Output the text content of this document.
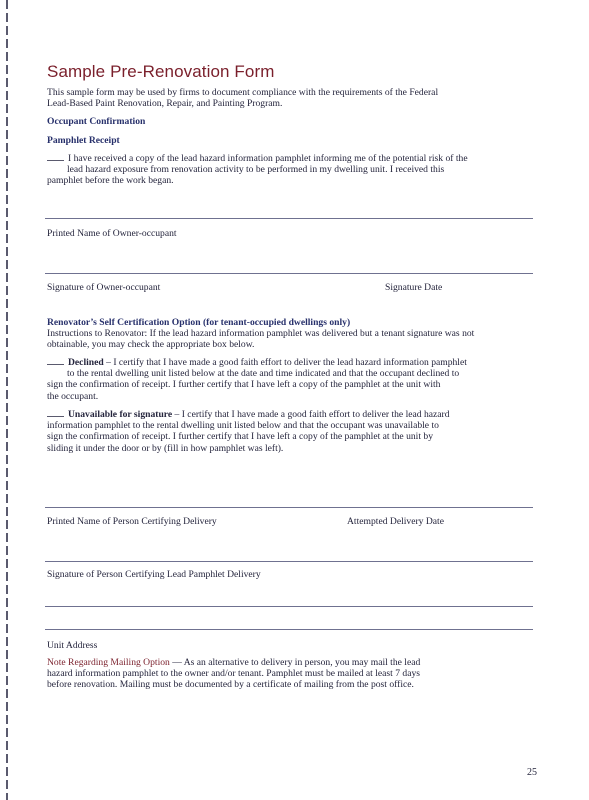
Sample Pre-Renovation Form
This sample form may be used by firms to document compliance with the requirements of the Federal
Lead-Based Paint Renovation, Repair, and Painting Program.
Occupant Confirmation
Pamphlet Receipt
I have received a copy of the lead hazard information pamphlet informing me of the potential risk of the
lead hazard exposure from renovation activity to be performed in my dwelling unit. I received this
pamphlet before the work began.
Printed Name of Owner-occupant
Signature of Owner-occupant	Signature Date
Renovator’s Self Certification Option (for tenant-occupied dwellings only)
Instructions to Renovator: If the lead hazard information pamphlet was delivered but a tenant signature was not
obtainable, you may check the appropriate box below.
Declined – I certify that I have made a good faith effort to deliver the lead hazard information pamphlet
to the rental dwelling unit listed below at the date and time indicated and that the occupant declined to
sign the confirmation of receipt. I further certify that I have left a copy of the pamphlet at the unit with
the occupant.
Unavailable for signature – I certify that I have made a good faith effort to deliver the lead hazard
information pamphlet to the rental dwelling unit listed below and that the occupant was unavailable to
sign the confirmation of receipt. I further certify that I have left a copy of the pamphlet at the unit by
sliding it under the door or by (fill in how pamphlet was left).
Printed Name of Person Certifying Delivery	Attempted Delivery Date
Signature of Person Certifying Lead Pamphlet Delivery
Unit Address
Note Regarding Mailing Option — As an alternative to delivery in person, you may mail the lead
hazard information pamphlet to the owner and/or tenant. Pamphlet must be mailed at least 7 days
before renovation. Mailing must be documented by a certificate of mailing from the post office.
25
